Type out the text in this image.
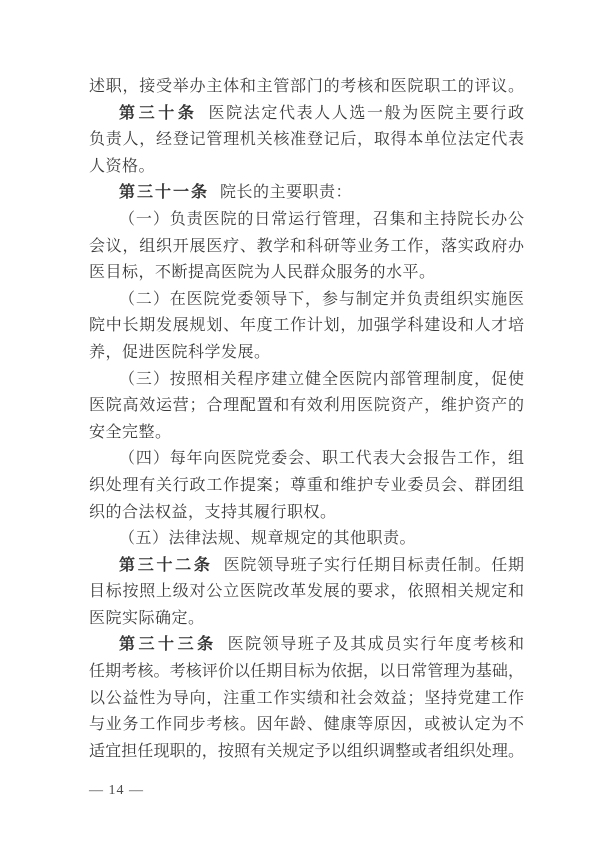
述职，接受举办主体和主管部门的考核和医院职工的评议。
第三十条 医院法定代表人人选一般为医院主要行政
负责人，经登记管理机关核准登记后，取得本单位法定代表
人资格。
第三十一条 院长的主要职责：
（一）负责医院的日常运行管理，召集和主持院长办公
会议，组织开展医疗、教学和科研等业务工作，落实政府办
医目标，不断提高医院为人民群众服务的水平。
（二）在医院党委领导下，参与制定并负责组织实施医
院中长期发展规划、年度工作计划，加强学科建设和人才培
养，促进医院科学发展。
（三）按照相关程序建立健全医院内部管理制度，促使
医院高效运营；合理配置和有效利用医院资产，维护资产的
安全完整。
（四）每年向医院党委会、职工代表大会报告工作，组
织处理有关行政工作提案；尊重和维护专业委员会、群团组
织的合法权益，支持其履行职权。
（五）法律法规、规章规定的其他职责。
第三十二条 医院领导班子实行任期目标责任制。任期
目标按照上级对公立医院改革发展的要求，依照相关规定和
医院实际确定。
第三十三条 医院领导班子及其成员实行年度考核和
任期考核。考核评价以任期目标为依据，以日常管理为基础，
以公益性为导向，注重工作实绩和社会效益；坚持党建工作
与业务工作同步考核。因年龄、健康等原因，或被认定为不
适宜担任现职的，按照有关规定予以组织调整或者组织处理。
— 14 —
